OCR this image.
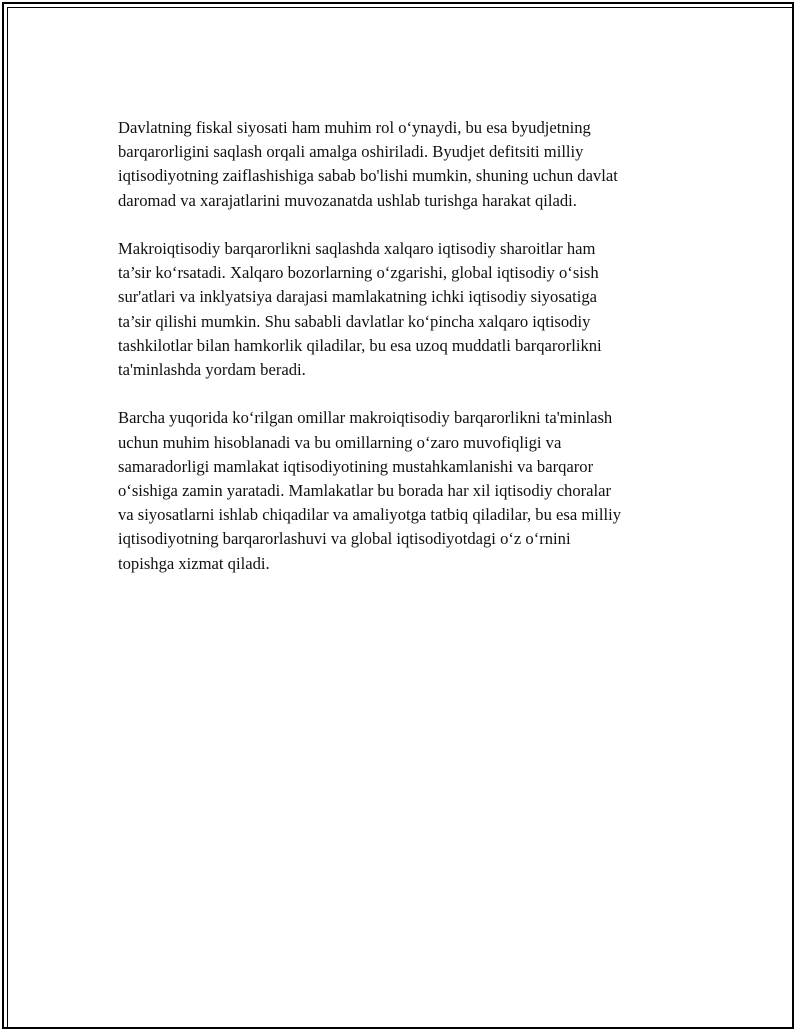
Davlatning fiskal siyosati ham muhim rol o‘ynaydi, bu esa byudjetning
barqarorligini saqlash orqali amalga oshiriladi. Byudjet defitsiti milliy
iqtisodiyotning zaiflashishiga sabab bo'lishi mumkin, shuning uchun davlat
daromad va xarajatlarini muvozanatda ushlab turishga harakat qiladi.

Makroiqtisodiy barqarorlikni saqlashda xalqaro iqtisodiy sharoitlar ham
ta’sir ko‘rsatadi. Xalqaro bozorlarning o‘zgarishi, global iqtisodiy o‘sish
sur'atlari va inklyatsiya darajasi mamlakatning ichki iqtisodiy siyosatiga
ta’sir qilishi mumkin. Shu sababli davlatlar ko‘pincha xalqaro iqtisodiy
tashkilotlar bilan hamkorlik qiladilar, bu esa uzoq muddatli barqarorlikni
ta'minlashda yordam beradi.

Barcha yuqorida ko‘rilgan omillar makroiqtisodiy barqarorlikni ta'minlash
uchun muhim hisoblanadi va bu omillarning o‘zaro muvofiqligi va
samaradorligi mamlakat iqtisodiyotining mustahkamlanishi va barqaror
o‘sishiga zamin yaratadi. Mamlakatlar bu borada har xil iqtisodiy choralar
va siyosatlarni ishlab chiqadilar va amaliyotga tatbiq qiladilar, bu esa milliy
iqtisodiyotning barqarorlashuvi va global iqtisodiyotdagi o‘z o‘rnini
topishga xizmat qiladi.
